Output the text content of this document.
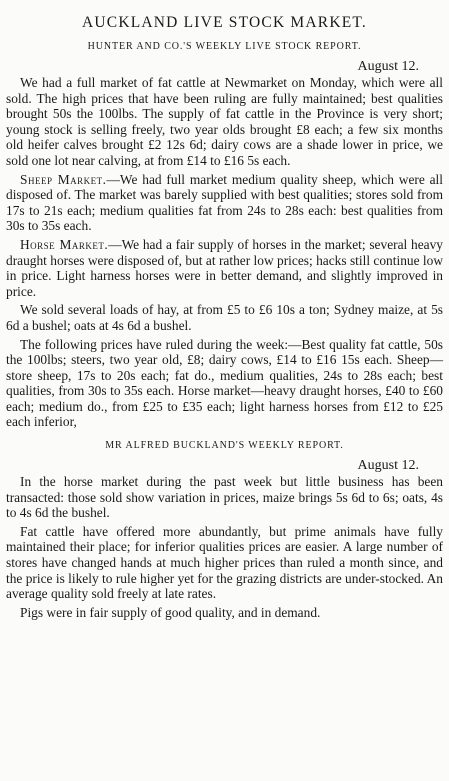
AUCKLAND LIVE STOCK MARKET.
HUNTER AND CO.'S WEEKLY LIVE STOCK REPORT.
August 12.

We had a full market of fat cattle at Newmarket on Monday, which were all sold. The high prices that have been ruling are fully maintained; best qualities brought 50s the 100lbs. The supply of fat cattle in the Province is very short; young stock is selling freely, two year olds brought £8 each; a few six months old heifer calves brought £2 12s 6d; dairy cows are a shade lower in price, we sold one lot near calving, at from £14 to £16 5s each.

Sheep Market.—We had full market medium quality sheep, which were all disposed of. The market was barely supplied with best qualities; stores sold from 17s to 21s each; medium qualities fat from 24s to 28s each: best qualities from 30s to 35s each.

Horse Market.—We had a fair supply of horses in the market; several heavy draught horses were disposed of, but at rather low prices; hacks still continue low in price. Light harness horses were in better demand, and slightly improved in price.

We sold several loads of hay, at from £5 to £6 10s a ton; Sydney maize, at 5s 6d a bushel; oats at 4s 6d a bushel.

The following prices have ruled during the week:—Best quality fat cattle, 50s the 100lbs; steers, two year old, £8; dairy cows, £14 to £16 15s each. Sheep—store sheep, 17s to 20s each; fat do., medium qualities, 24s to 28s each; best qualities, from 30s to 35s each. Horse market—heavy draught horses, £40 to £60 each; medium do., from £25 to £35 each; light harness horses from £12 to £25 each inferior,

MR ALFRED BUCKLAND'S WEEKLY REPORT.
August 12.

In the horse market during the past week but little business has been transacted: those sold show variation in prices, maize brings 5s 6d to 6s; oats, 4s to 4s 6d the bushel.

Fat cattle have offered more abundantly, but prime animals have fully maintained their place; for inferior qualities prices are easier. A large number of stores have changed hands at much higher prices than ruled a month since, and the price is likely to rule higher yet for the grazing districts are under-stocked. An average quality sold freely at late rates.

Pigs were in fair supply of good quality, and in demand.
